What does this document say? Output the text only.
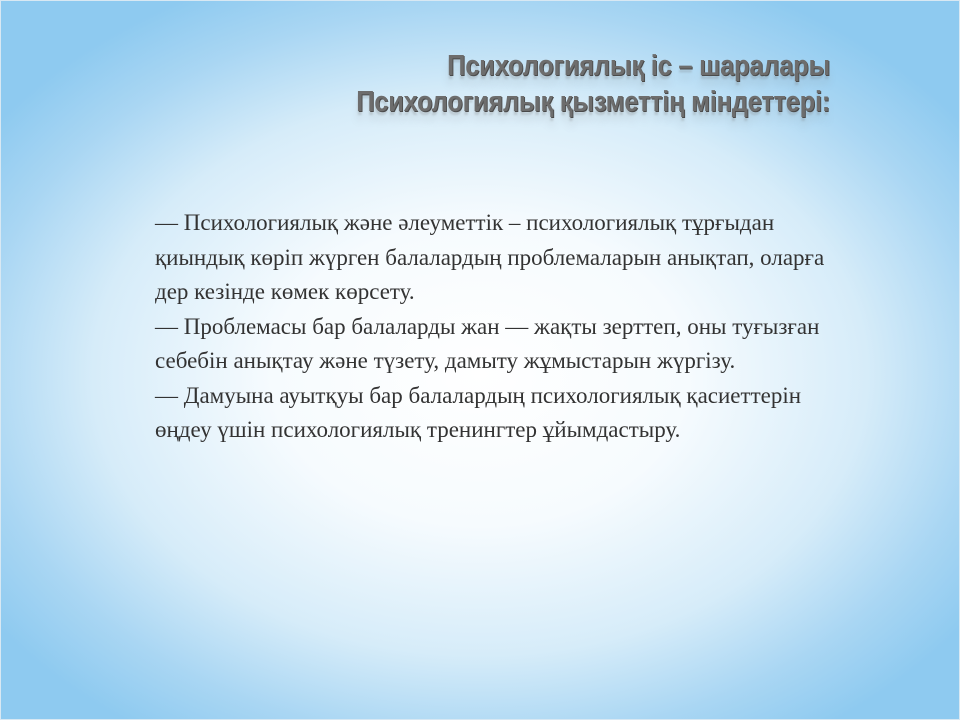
Психологиялық іс – шаралары
Психологиялық қызметтің міндеттері:

— Психологиялық және әлеуметтік – психологиялық тұрғыдан қиындық көріп жүрген балалардың проблемаларын анықтап, оларға дер кезінде көмек көрсету.

— Проблемасы бар балаларды жан — жақты зерттеп, оны туғызған себебін анықтау және түзету, дамыту жұмыстарын жүргізу.

— Дамуына ауытқуы бар балалардың психологиялық қасиеттерін өңдеу үшін психологиялық тренингтер ұйымдастыру.
